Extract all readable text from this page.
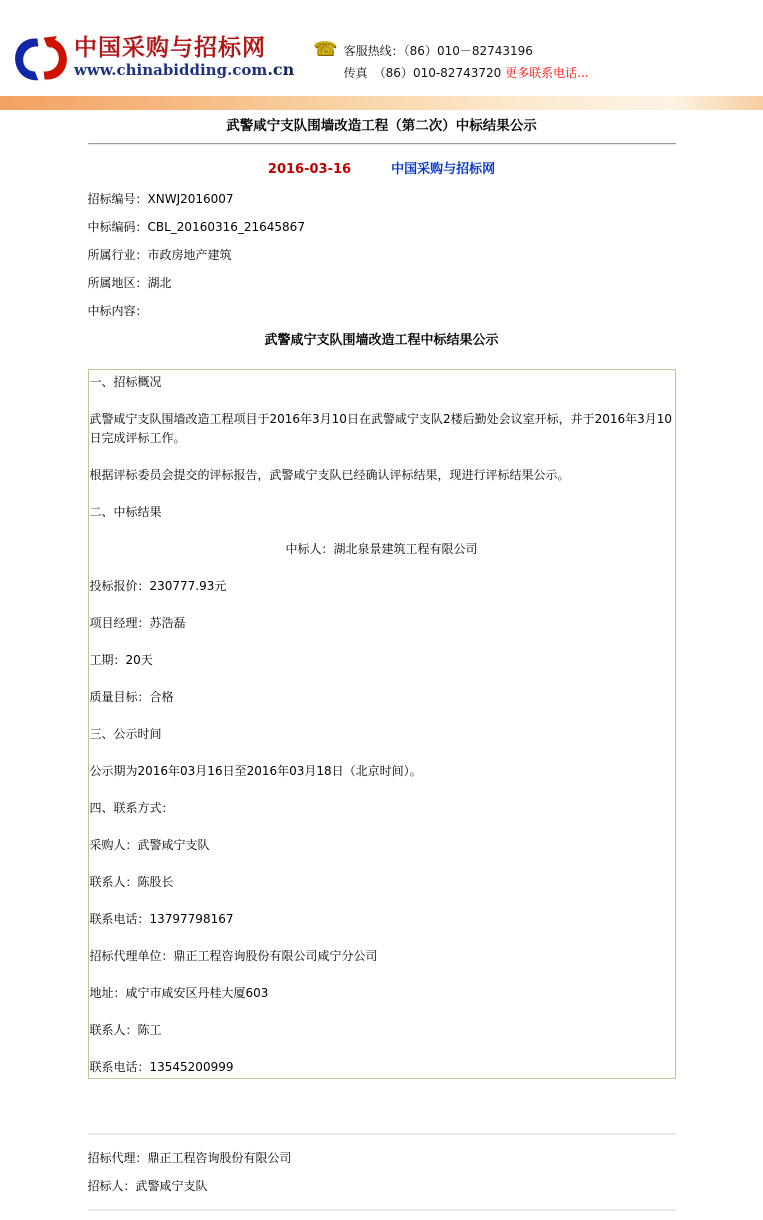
中国采购与招标网
www.chinabidding.com.cn
☎ 客服热线：（86）010－82743196
传真　（86）010-82743720 更多联系电话...
武警咸宁支队围墙改造工程（第二次）中标结果公示
2016-03-16	中国采购与招标网

招标编号：XNWJ2016007

中标编码：CBL_20160316_21645867

所属行业：市政房地产建筑

所属地区：湖北

中标内容：

武警咸宁支队围墙改造工程中标结果公示

一、招标概况

武警咸宁支队围墙改造工程项目于2016年3月10日在武警咸宁支队2楼后勤处会议室开标，并于2016年3月10日完成评标工作。

根据评标委员会提交的评标报告，武警咸宁支队已经确认评标结果，现进行评标结果公示。

二、中标结果

中标人：湖北泉景建筑工程有限公司

投标报价：230777.93元

项目经理：苏浩磊

工期：20天

质量目标：合格

三、公示时间

公示期为2016年03月16日至2016年03月18日（北京时间）。

四、联系方式：

采购人：武警咸宁支队

联系人：陈股长

联系电话：13797798167

招标代理单位：鼎正工程咨询股份有限公司咸宁分公司

地址：咸宁市咸安区丹桂大厦603

联系人：陈工

联系电话：13545200999

招标代理：鼎正工程咨询股份有限公司

招标人：武警咸宁支队
